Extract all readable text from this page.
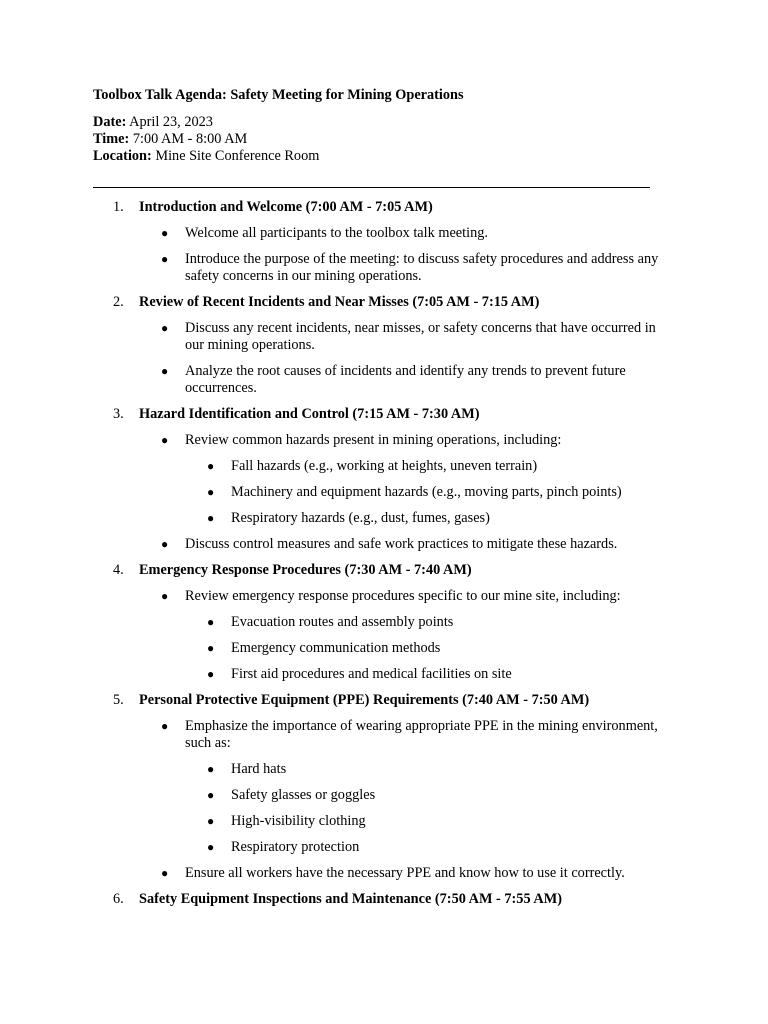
Toolbox Talk Agenda: Safety Meeting for Mining Operations
Date: April 23, 2023
Time: 7:00 AM - 8:00 AM
Location: Mine Site Conference Room
1. Introduction and Welcome (7:00 AM - 7:05 AM)
● Welcome all participants to the toolbox talk meeting.
● Introduce the purpose of the meeting: to discuss safety procedures and address any safety concerns in our mining operations.
2. Review of Recent Incidents and Near Misses (7:05 AM - 7:15 AM)
● Discuss any recent incidents, near misses, or safety concerns that have occurred in our mining operations.
● Analyze the root causes of incidents and identify any trends to prevent future occurrences.
3. Hazard Identification and Control (7:15 AM - 7:30 AM)
● Review common hazards present in mining operations, including:
● Fall hazards (e.g., working at heights, uneven terrain)
● Machinery and equipment hazards (e.g., moving parts, pinch points)
● Respiratory hazards (e.g., dust, fumes, gases)
● Discuss control measures and safe work practices to mitigate these hazards.
4. Emergency Response Procedures (7:30 AM - 7:40 AM)
● Review emergency response procedures specific to our mine site, including:
● Evacuation routes and assembly points
● Emergency communication methods
● First aid procedures and medical facilities on site
5. Personal Protective Equipment (PPE) Requirements (7:40 AM - 7:50 AM)
● Emphasize the importance of wearing appropriate PPE in the mining environment, such as:
● Hard hats
● Safety glasses or goggles
● High-visibility clothing
● Respiratory protection
● Ensure all workers have the necessary PPE and know how to use it correctly.
6. Safety Equipment Inspections and Maintenance (7:50 AM - 7:55 AM)
